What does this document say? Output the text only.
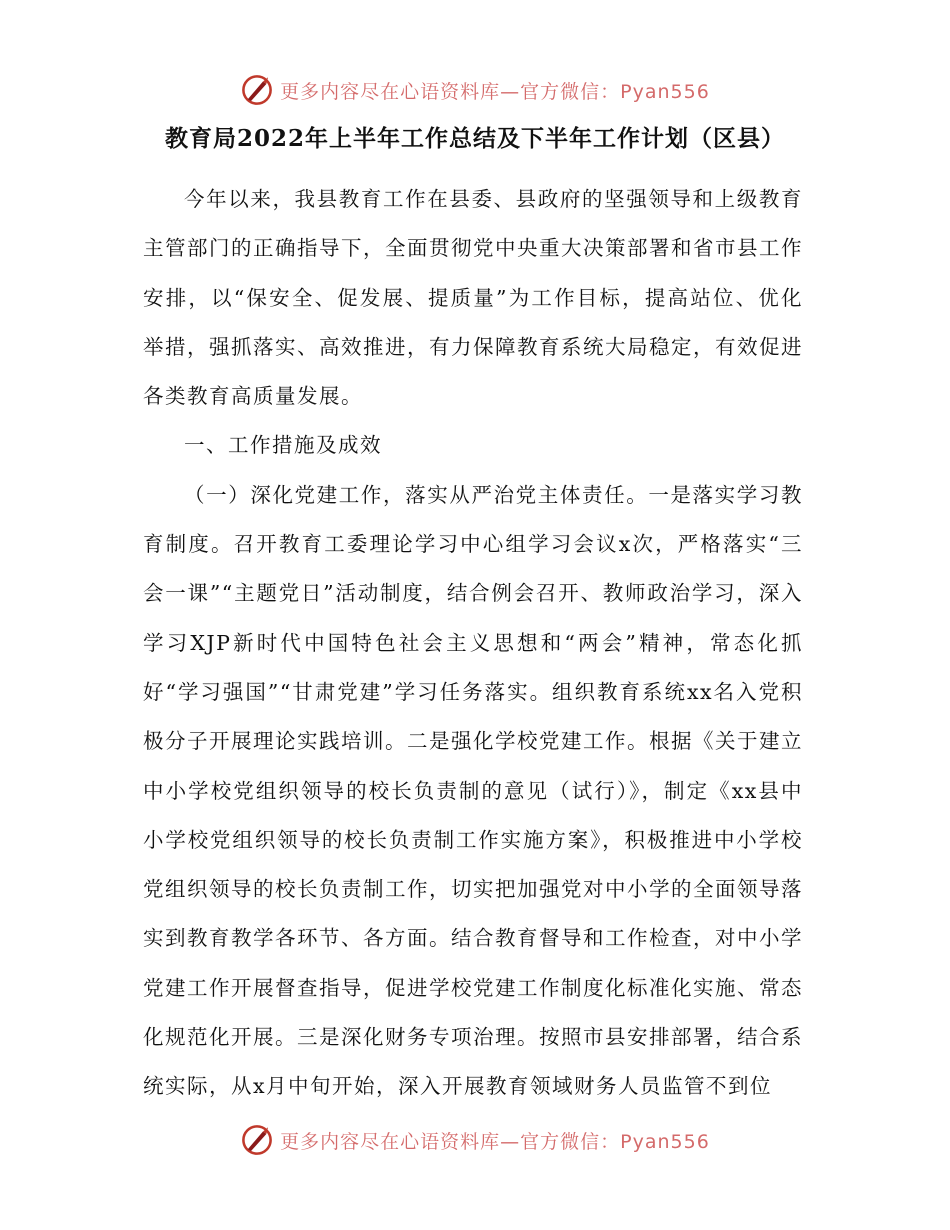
更多内容尽在心语资料库—官方微信：Pyan556
教育局2022年上半年工作总结及下半年工作计划（区县）

今年以来，我县教育工作在县委、县政府的坚强领导和上级教育主管部门的正确指导下，全面贯彻党中央重大决策部署和省市县工作安排，以“保安全、促发展、提质量”为工作目标，提高站位、优化举措，强抓落实、高效推进，有力保障教育系统大局稳定，有效促进各类教育高质量发展。

一、工作措施及成效

（一）深化党建工作，落实从严治党主体责任。一是落实学习教育制度。召开教育工委理论学习中心组学习会议x次，严格落实“三会一课”“主题党日”活动制度，结合例会召开、教师政治学习，深入学习XJP新时代中国特色社会主义思想和“两会”精神，常态化抓好“学习强国”“甘肃党建”学习任务落实。组织教育系统xx名入党积极分子开展理论实践培训。二是强化学校党建工作。根据《关于建立中小学校党组织领导的校长负责制的意见（试行）》，制定《xx县中小学校党组织领导的校长负责制工作实施方案》，积极推进中小学校党组织领导的校长负责制工作，切实把加强党对中小学的全面领导落实到教育教学各环节、各方面。结合教育督导和工作检查，对中小学党建工作开展督查指导，促进学校党建工作制度化标准化实施、常态化规范化开展。三是深化财务专项治理。按照市县安排部署，结合系统实际，从x月中旬开始，深入开展教育领域财务人员监管不到位

更多内容尽在心语资料库—官方微信：Pyan556
